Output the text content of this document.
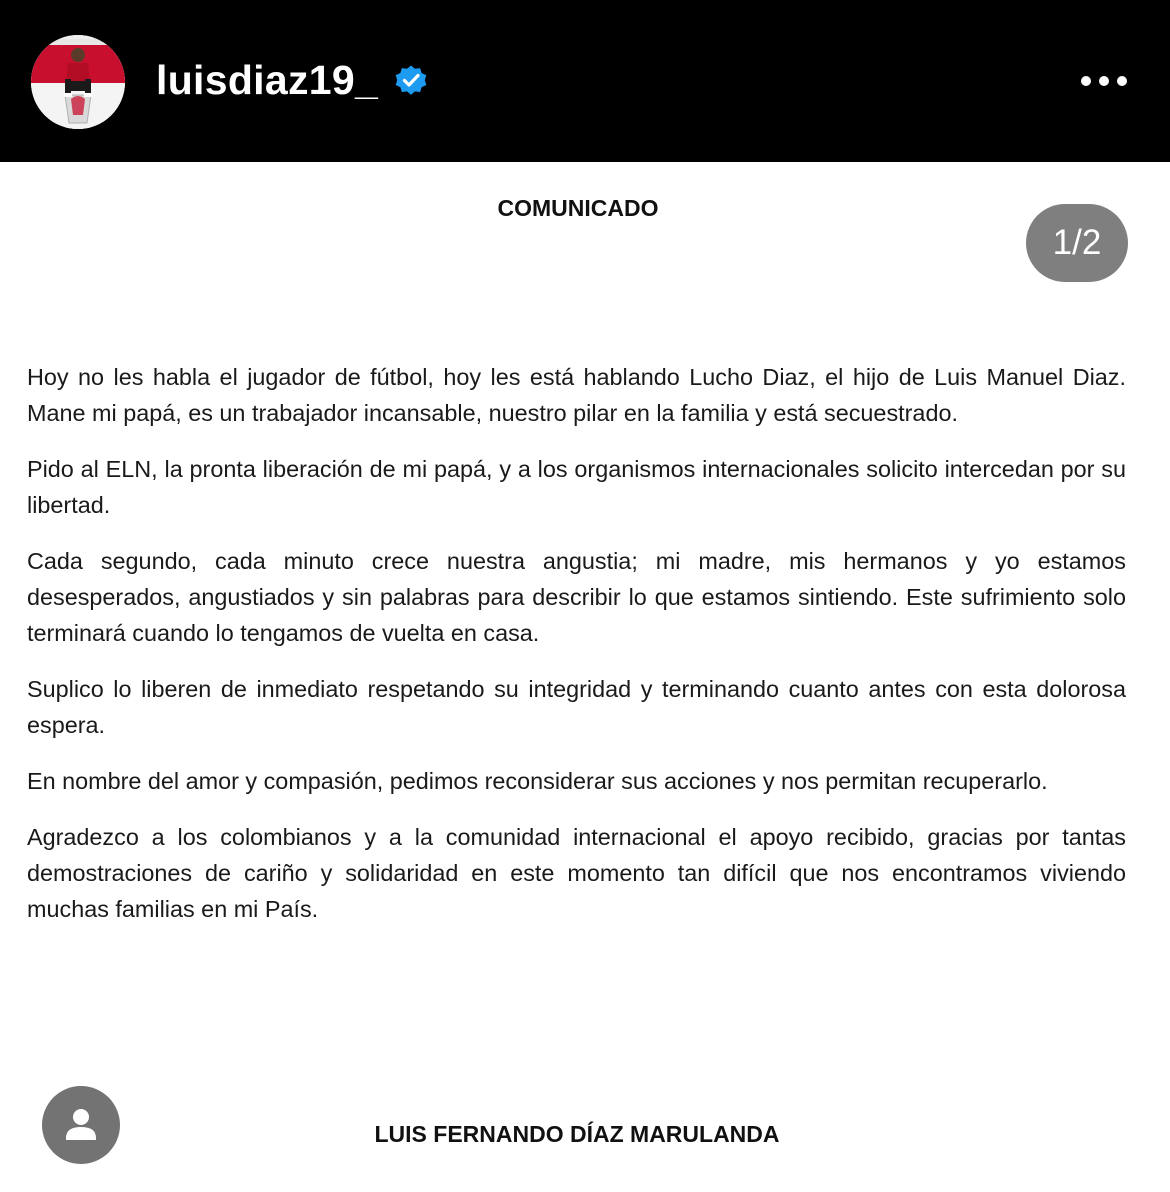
luisdiaz19_
COMUNICADO
1/2

Hoy no les habla el jugador de fútbol, hoy les está hablando Lucho Diaz, el hijo de Luis Manuel Diaz. Mane mi papá, es un trabajador incansable, nuestro pilar en la familia y está secuestrado.

Pido al ELN, la pronta liberación de mi papá, y a los organismos internacionales solicito intercedan por su libertad.

Cada segundo, cada minuto crece nuestra angustia; mi madre, mis hermanos y yo estamos desesperados, angustiados y sin palabras para describir lo que estamos sintiendo. Este sufrimiento solo terminará cuando lo tengamos de vuelta en casa.

Suplico lo liberen de inmediato respetando su integridad y terminando cuanto antes con esta dolorosa espera.

En nombre del amor y compasión, pedimos reconsiderar sus acciones y nos permitan recuperarlo.

Agradezco a los colombianos y a la comunidad internacional el apoyo recibido, gracias por tantas demostraciones de cariño y solidaridad en este momento tan difícil que nos encontramos viviendo muchas familias en mi País.

LUIS FERNANDO DÍAZ MARULANDA
